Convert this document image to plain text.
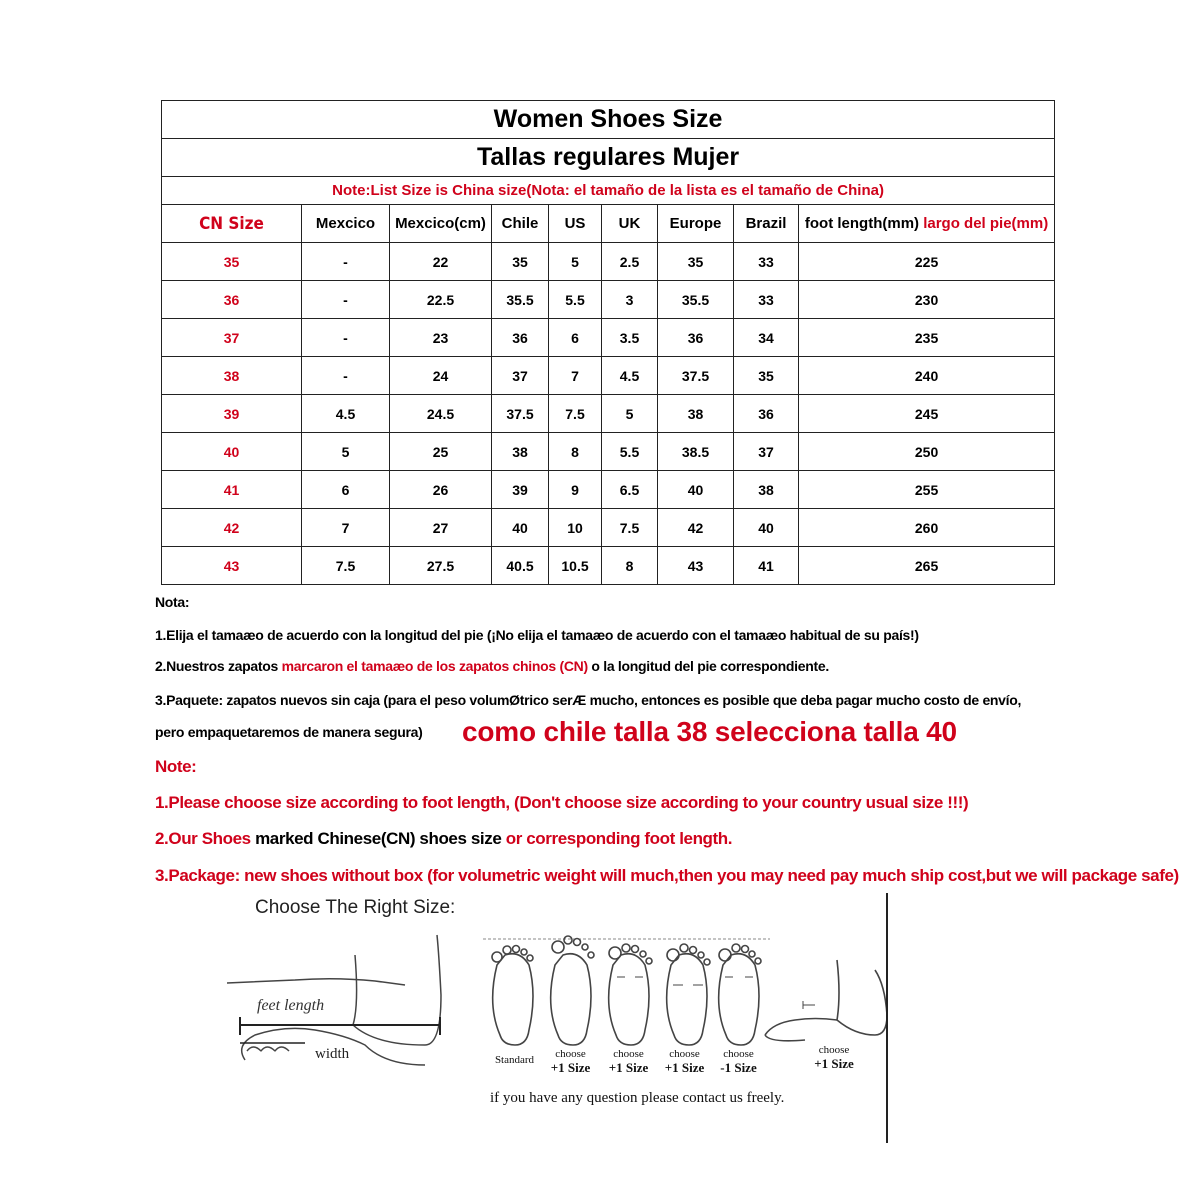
Women Shoes Size								
Tallas regulares Mujer								
Note:List Size is China size(Nota: el tamaño de la lista es el tamaño de China)								
CN Size	Mexcico	Mexcico(cm)	Chile	US	UK	Europe	Brazil	foot length(mm) largo del pie(mm)
35	-	22	35	5	2.5	35	33	225
36	-	22.5	35.5	5.5	3	35.5	33	230
37	-	23	36	6	3.5	36	34	235
38	-	24	37	7	4.5	37.5	35	240
39	4.5	24.5	37.5	7.5	5	38	36	245
40	5	25	38	8	5.5	38.5	37	250
41	6	26	39	9	6.5	40	38	255
42	7	27	40	10	7.5	42	40	260
43	7.5	27.5	40.5	10.5	8	43	41	265
Nota:
1.Elija el tamaæo de acuerdo con la longitud del pie (¡No elija el tamaæo de acuerdo con el tamaæo habitual de su país!)
2.Nuestros zapatos marcaron el tamaæo de los zapatos chinos (CN) o la longitud del pie correspondiente.
3.Paquete: zapatos nuevos sin caja (para el peso volumØtrico serÆ mucho, entonces es posible que deba pagar mucho costo de envío,
pero empaquetaremos de manera segura) como chile talla 38 selecciona talla 40
Note:
1.Please choose size according to foot length, (Don't choose size according to your country usual size !!!)
2.Our Shoes marked Chinese(CN) shoes size or corresponding foot length.
3.Package: new shoes without box (for volumetric weight will much,then you may need pay much ship cost,but we will package safe)
Choose The Right Size:
feet length
width	Standard	choose
+1 Size
choose
+1 Size
choose
+1 Size
choose
-1 Size
choose
+1 Size
if you have any question please contact us freely.
